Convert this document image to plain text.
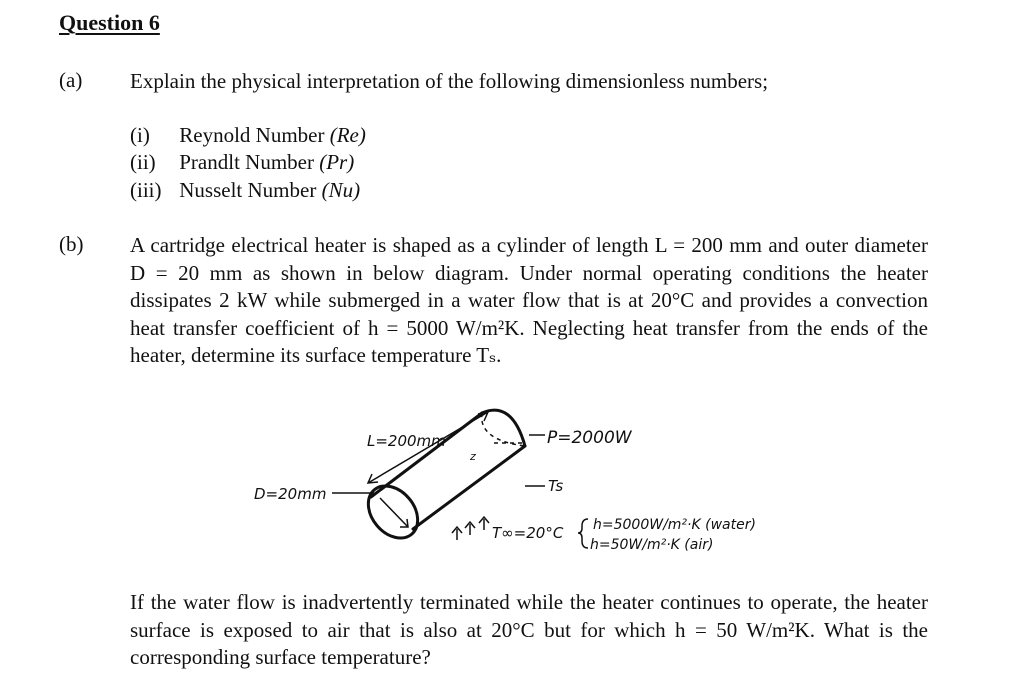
Question 6
(a) Explain the physical interpretation of the following dimensionless numbers;
(i) Reynold Number (Re)
(ii) Prandlt Number (Pr)
(iii) Nusselt Number (Nu)
(b) A cartridge electrical heater is shaped as a cylinder of length L = 200 mm and outer diameter D = 20 mm as shown in below diagram. Under normal operating conditions the heater dissipates 2 kW while submerged in a water flow that is at 20°C and provides a convection heat transfer coefficient of h = 5000 W/m²K. Neglecting heat transfer from the ends of the heater, determine its surface temperature Tₛ.
L=200mm
D=20mm
P=2000W
Ts
z
T∞=20°C h=5000W/m²·K (water)
h=50W/m²·K (air)
If the water flow is inadvertently terminated while the heater continues to operate, the heater surface is exposed to air that is also at 20°C but for which h = 50 W/m²K. What is the corresponding surface temperature?
